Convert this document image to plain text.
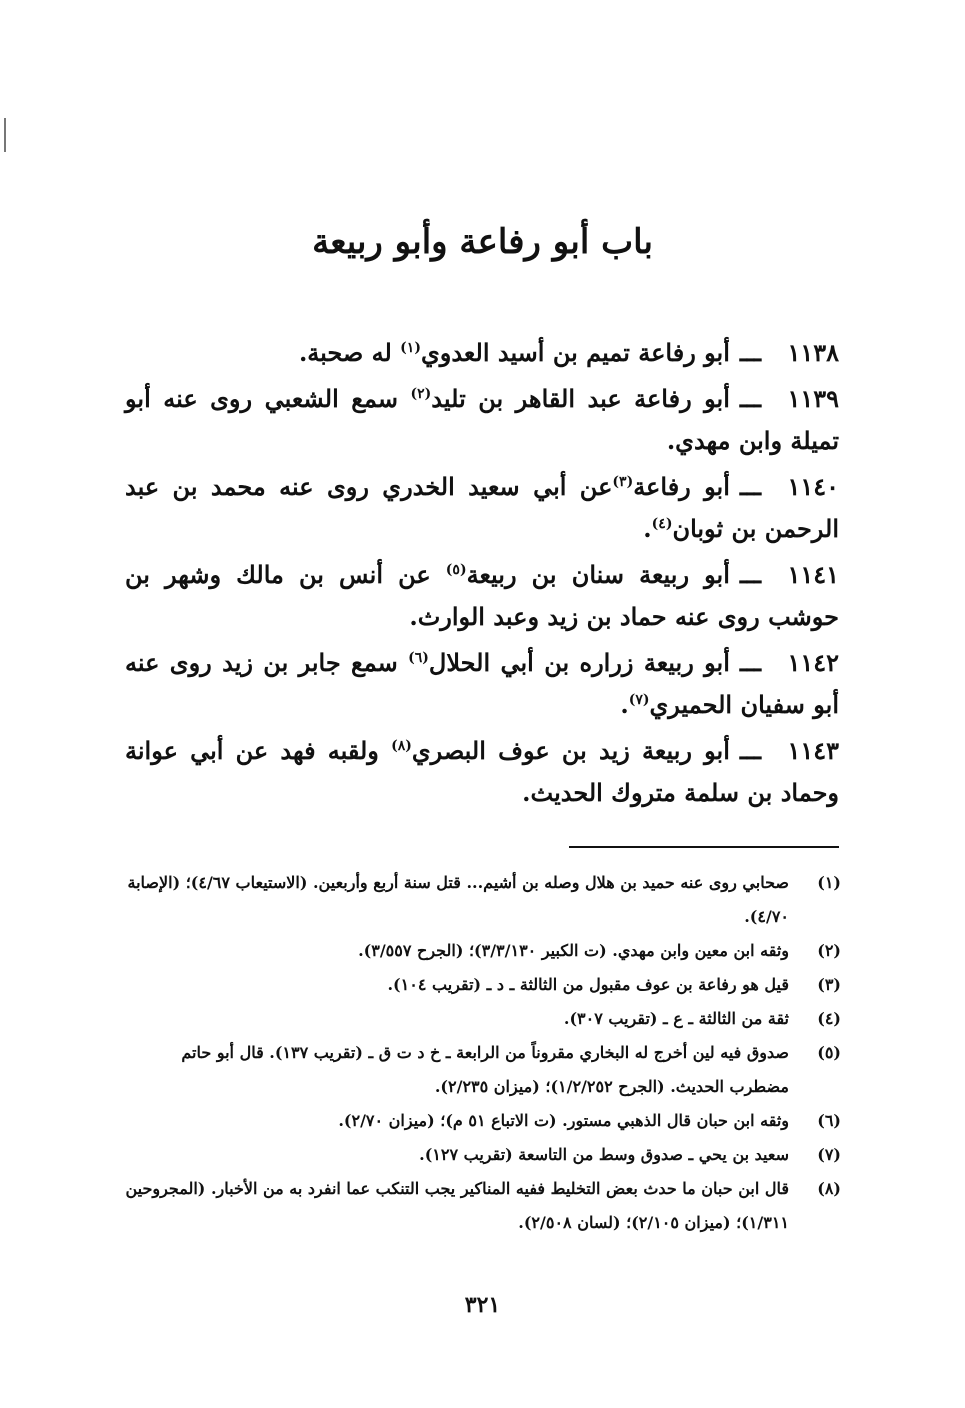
باب أبو رفاعة وأبو ربيعة

١١٣٨ـــأبو رفاعة تميم بن أسيد العدوي$^{(١)}$ له صحبة.

١١٣٩ـــأبو رفاعة عبد القاهر بن تليد$^{(٢)}$ سمع الشعبي روى عنه أبو تميلة وابن مهدي.

١١٤٠ـــأبو رفاعة$^{(٣)}$عن أبي سعيد الخدري روى عنه محمد بن عبد الرحمن بن ثوبان$^{(٤)}$.

١١٤١ـــأبو ربيعة سنان بن ربيعة$^{(٥)}$ عن أنس بن مالك وشهر بن حوشب روى عنه حماد بن زيد وعبد الوارث.

١١٤٢ـــأبو ربيعة زراره بن أبي الحلال$^{(٦)}$ سمع جابر بن زيد روى عنه أبو سفيان الحميري$^{(٧)}$.

١١٤٣ـــأبو ربيعة زيد بن عوف البصري$^{(٨)}$ ولقبه فهد عن أبي عوانة وحماد بن سلمة متروك الحديث.

(١)
صحابي روى عنه حميد بن هلال وصله بن أشيم... قتل سنة أربع وأربعين. (الاستيعاب ٤/٦٧)؛ (الإصابة ٤/٧٠).
(٢)
وثقه ابن معين وابن مهدي. (ت الكبير ٣/٣/١٣٠)؛ (الجرح ٣/٥٥٧).
(٣)
قيل هو رفاعة بن عوف مقبول من الثالثة ـ د ـ (تقريب ١٠٤).
(٤)
ثقة من الثالثة ـ ع ـ (تقريب ٣٠٧).
(٥)
صدوق فيه لين أخرج له البخاري مقروناً من الرابعة ـ خ د ت ق ـ (تقريب ١٣٧). قال أبو حاتم مضطرب الحديث. (الجرح ١/٢/٢٥٢)؛ (ميزان ٢/٢٣٥).
(٦)
وثقه ابن حبان قال الذهبي مستور. (ت الاتباع ٥١ م)؛ (ميزان ٢/٧٠).
(٧)
سعيد بن يحي ـ صدوق وسط من التاسعة (تقريب ١٢٧).
(٨)
قال ابن حبان ما حدث بعض التخليط ففيه المناكير يجب التنكب عما انفرد به من الأخبار. (المجروحين ١/٣١١)؛ (ميزان ٢/١٠٥)؛ (لسان ٢/٥٠٨).
٣٢١
